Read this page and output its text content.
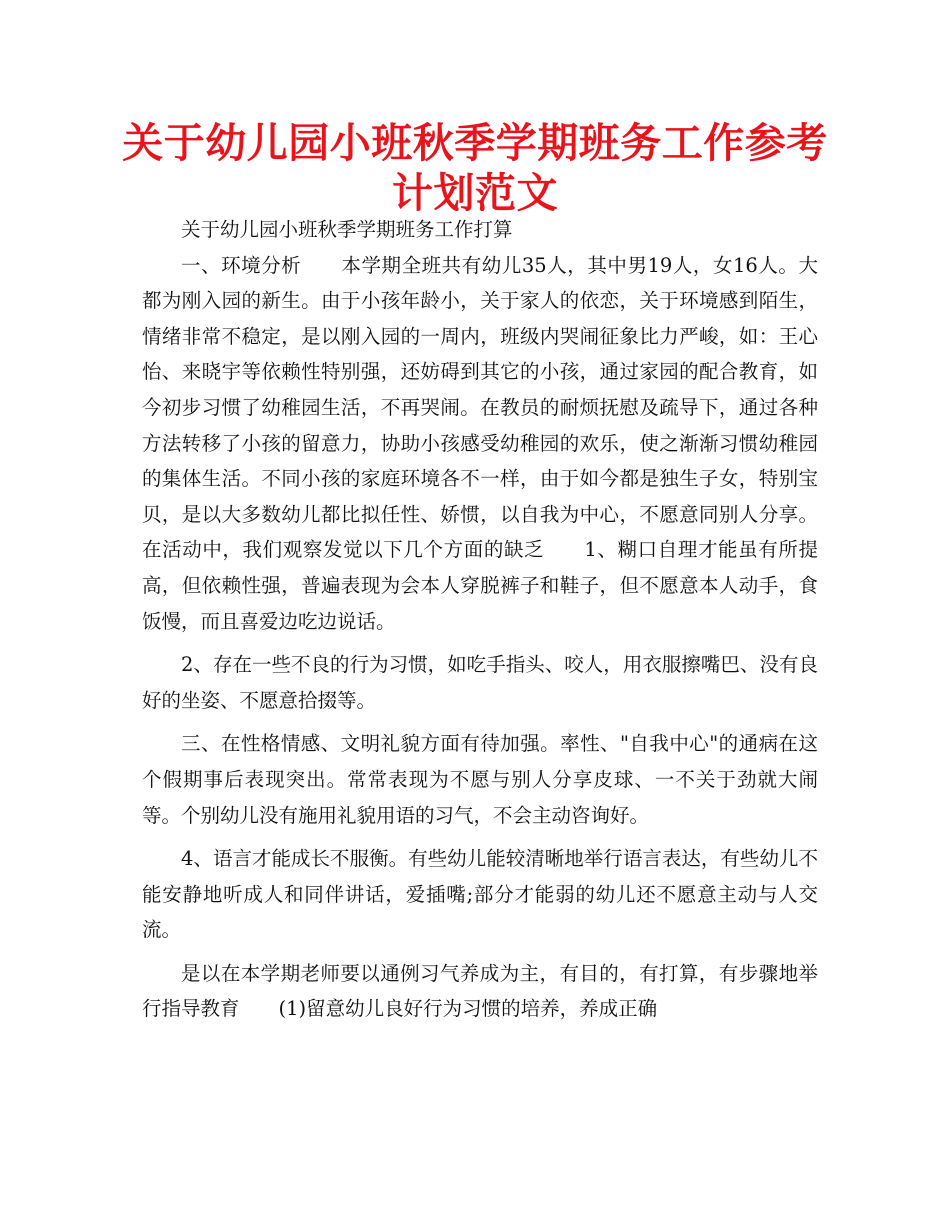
关于幼儿园小班秋季学期班务工作参考计划范文

关于幼儿园小班秋季学期班务工作打算

一、环境分析　　本学期全班共有幼儿35人，其中男19人，女16人。大都为刚入园的新生。由于小孩年龄小，关于家人的依恋，关于环境感到陌生，情绪非常不稳定，是以刚入园的一周内，班级内哭闹征象比力严峻，如：王心怡、来晓宇等依赖性特别强，还妨碍到其它的小孩，通过家园的配合教育，如今初步习惯了幼稚园生活，不再哭闹。在教员的耐烦抚慰及疏导下，通过各种方法转移了小孩的留意力，协助小孩感受幼稚园的欢乐，使之渐渐习惯幼稚园的集体生活。不同小孩的家庭环境各不一样，由于如今都是独生子女，特别宝贝，是以大多数幼儿都比拟任性、娇惯，以自我为中心，不愿意同别人分享。在活动中，我们观察发觉以下几个方面的缺乏　　1、糊口自理才能虽有所提高，但依赖性强，普遍表现为会本人穿脱裤子和鞋子，但不愿意本人动手，食饭慢，而且喜爱边吃边说话。

2、存在一些不良的行为习惯，如吃手指头、咬人，用衣服擦嘴巴、没有良好的坐姿、不愿意拾掇等。

三、在性格情感、文明礼貌方面有待加强。率性、"自我中心"的通病在这个假期事后表现突出。常常表现为不愿与别人分享皮球、一不关于劲就大闹等。个别幼儿没有施用礼貌用语的习气，不会主动咨询好。

4、语言才能成长不服衡。有些幼儿能较清晰地举行语言表达，有些幼儿不能安静地听成人和同伴讲话，爱插嘴;部分才能弱的幼儿还不愿意主动与人交流。

是以在本学期老师要以通例习气养成为主，有目的，有打算，有步骤地举行指导教育　　(1)留意幼儿良好行为习惯的培养，养成正确
